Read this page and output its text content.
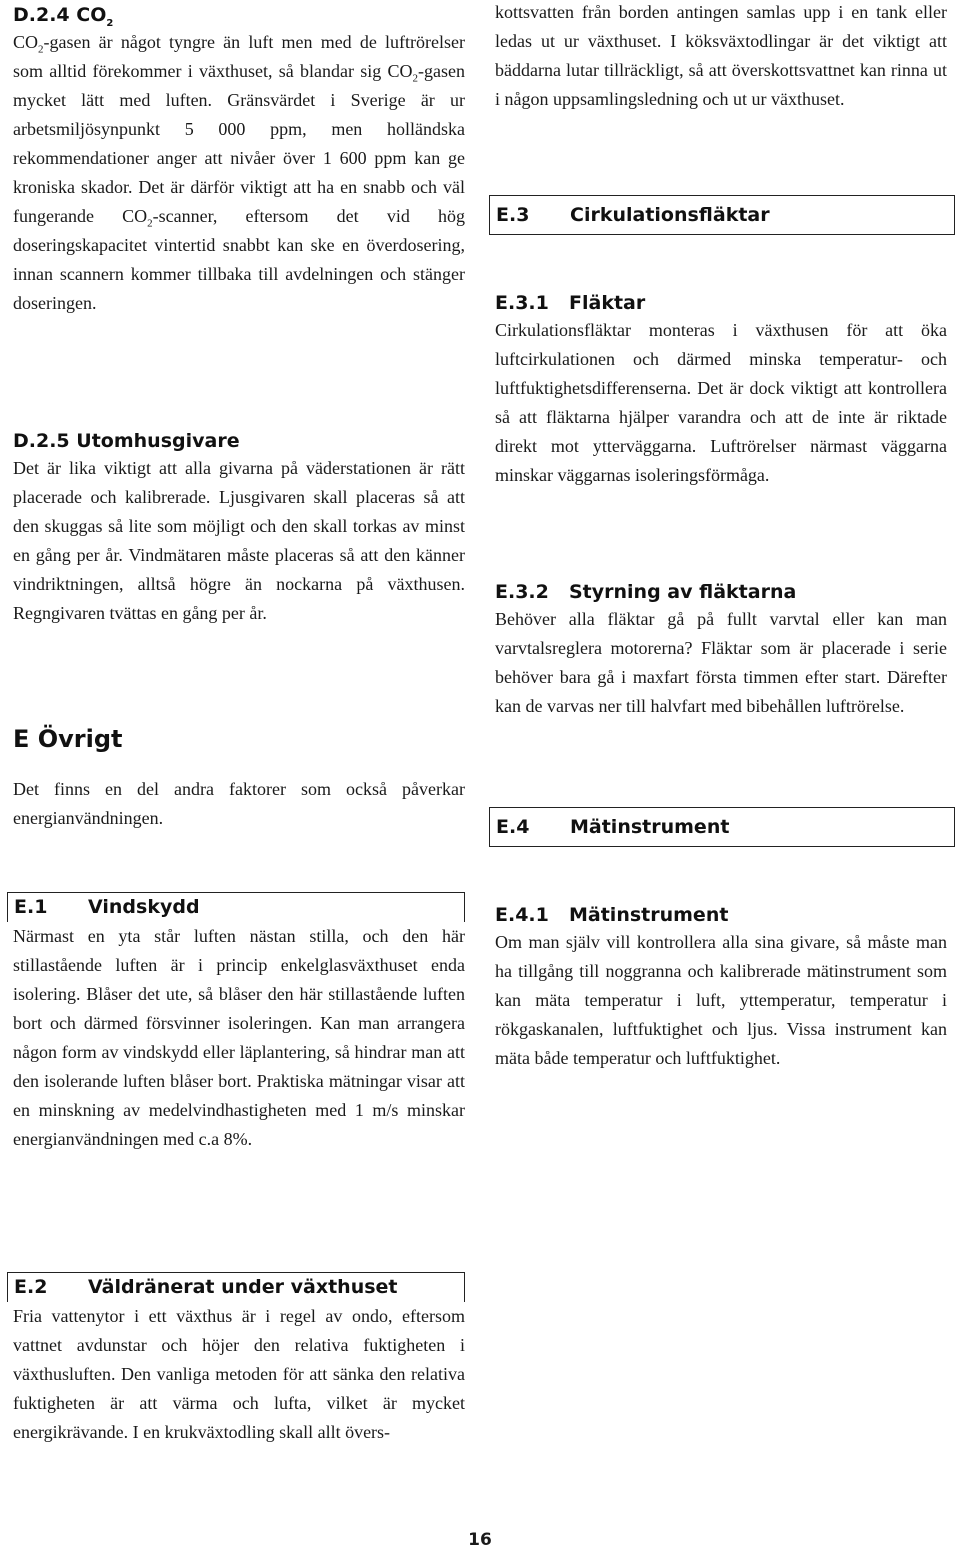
D.2.4 $CO_2$

$CO_2$-gasen är något tyngre än luft men med de luftrörelser som alltid förekommer i växthuset, så blandar sig $CO_2$-gasen mycket lätt med luften. Gränsvärdet i Sverige är ur arbetsmiljösynpunkt 5 000 ppm, men holländska rekommendationer anger att nivåer över 1 600 ppm kan ge kroniska skador. Det är därför viktigt att ha en snabb och väl fungerande $CO_2$-scanner, eftersom det vid hög doseringskapacitet vintertid snabbt kan ske en överdosering, innan scannern kommer tillbaka till avdelningen och stänger doseringen.

D.2.5 Utomhusgivare

Det är lika viktigt att alla givarna på väderstationen är rätt placerade och kalibrerade. Ljusgivaren skall placeras så att den skuggas så lite som möjligt och den skall torkas av minst en gång per år. Vindmätaren måste placeras så att den känner vindriktningen, alltså högre än nockarna på växthusen. Regngivaren tvättas en gång per år.

E Övrigt

Det finns en del andra faktorer som också påverkar energianvändningen.

E.1 Vindskydd

Närmast en yta står luften nästan stilla, och den här stillastående luften är i princip enkelglasväxthuset enda isolering. Blåser det ute, så blåser den här stillastående luften bort och därmed försvinner isoleringen. Kan man arrangera någon form av vindskydd eller läplantering, så hindrar man att den isolerande luften blåser bort. Praktiska mätningar visar att en minskning av medelvindhastigheten med 1 m/s minskar energianvändningen med c.a 8%.

E.2 Väldränerat under växthuset

Fria vattenytor i ett växthus är i regel av ondo, eftersom vattnet avdunstar och höjer den relativa fuktigheten i växthusluften. Den vanliga metoden för att sänka den relativa fuktigheten är att värma och lufta, vilket är mycket energikrävande. I en krukväxtodling skall allt övers-

kottsvatten från borden antingen samlas upp i en tank eller ledas ut ur växthuset. I köksväxtodlingar är det viktigt att bäddarna lutar tillräckligt, så att överskottsvattnet kan rinna ut i någon uppsamlingsledning och ut ur växthuset.

E.3 Cirkulationsfläktar
E.3.1 Fläktar

Cirkulationsfläktar monteras i växthusen för att öka luftcirkulationen och därmed minska temperatur- och luftfuktighetsdifferenserna. Det är dock viktigt att kontrollera så att fläktarna hjälper varandra och att de inte är riktade direkt mot ytterväggarna. Luftrörelser närmast väggarna minskar väggarnas isoleringsförmåga.

E.3.2 Styrning av fläktarna

Behöver alla fläktar gå på fullt varvtal eller kan man varvtalsreglera motorerna? Fläktar som är placerade i serie behöver bara gå i maxfart första timmen efter start. Därefter kan de varvas ner till halvfart med bibehållen luftrörelse.

E.4 Mätinstrument
E.4.1 Mätinstrument

Om man själv vill kontrollera alla sina givare, så måste man ha tillgång till noggranna och kalibrerade mätinstrument som kan mäta temperatur i luft, yttemperatur, temperatur i rökgaskanalen, luftfuktighet och ljus. Vissa instrument kan mäta både temperatur och luftfuktighet.

16
